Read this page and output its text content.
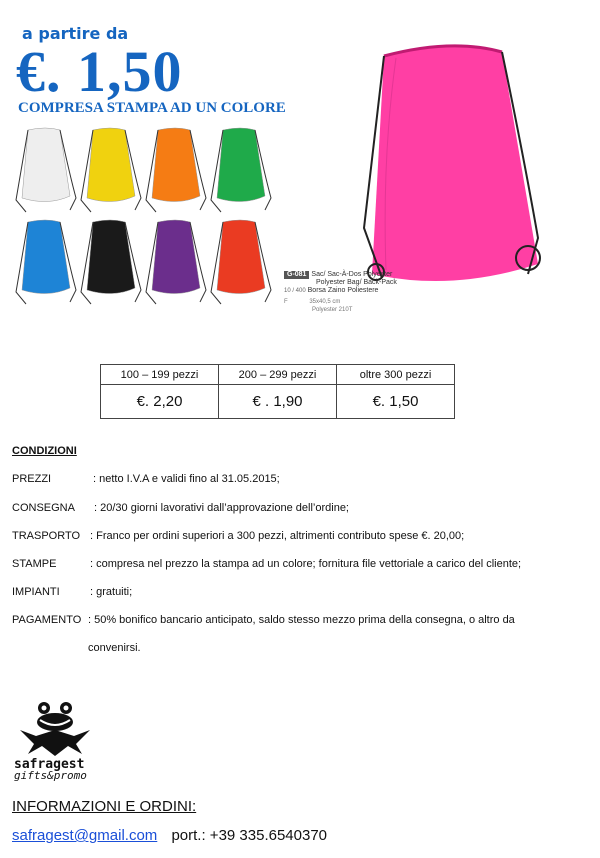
a partire da
€. 1,50
COMPRESA STAMPA AD UN COLORE
G-081 Sac/ Sac-À-Dos Polyester
Polyester Bag/ Back-Pack
10 / 400 Borsa Zaino Poliestere
F	35x40,5 cm
Polyester 210T
100 – 199 pezzi	200 – 299 pezzi	oltre 300 pezzi
€. 2,20	€ . 1,90	€. 1,50
CONDIZIONI
PREZZI	: netto I.V.A e validi fino al 31.05.2015;
CONSEGNA : 20/30 giorni lavorativi dall’approvazione dell’ordine;
TRASPORTO : Franco per ordini superiori a 300 pezzi, altrimenti contributo spese €. 20,00;
STAMPE	: compresa nel prezzo la stampa ad un colore; fornitura file vettoriale a carico del cliente;
IMPIANTI	: gratuiti;
PAGAMENTO : 50% bonifico bancario anticipato, saldo stesso mezzo prima della consegna, o altro da
convenirsi.
safragest
gifts&promo
INFORMAZIONI E ORDINI:
safragest@gmail.com port.: +39 335.6540370
